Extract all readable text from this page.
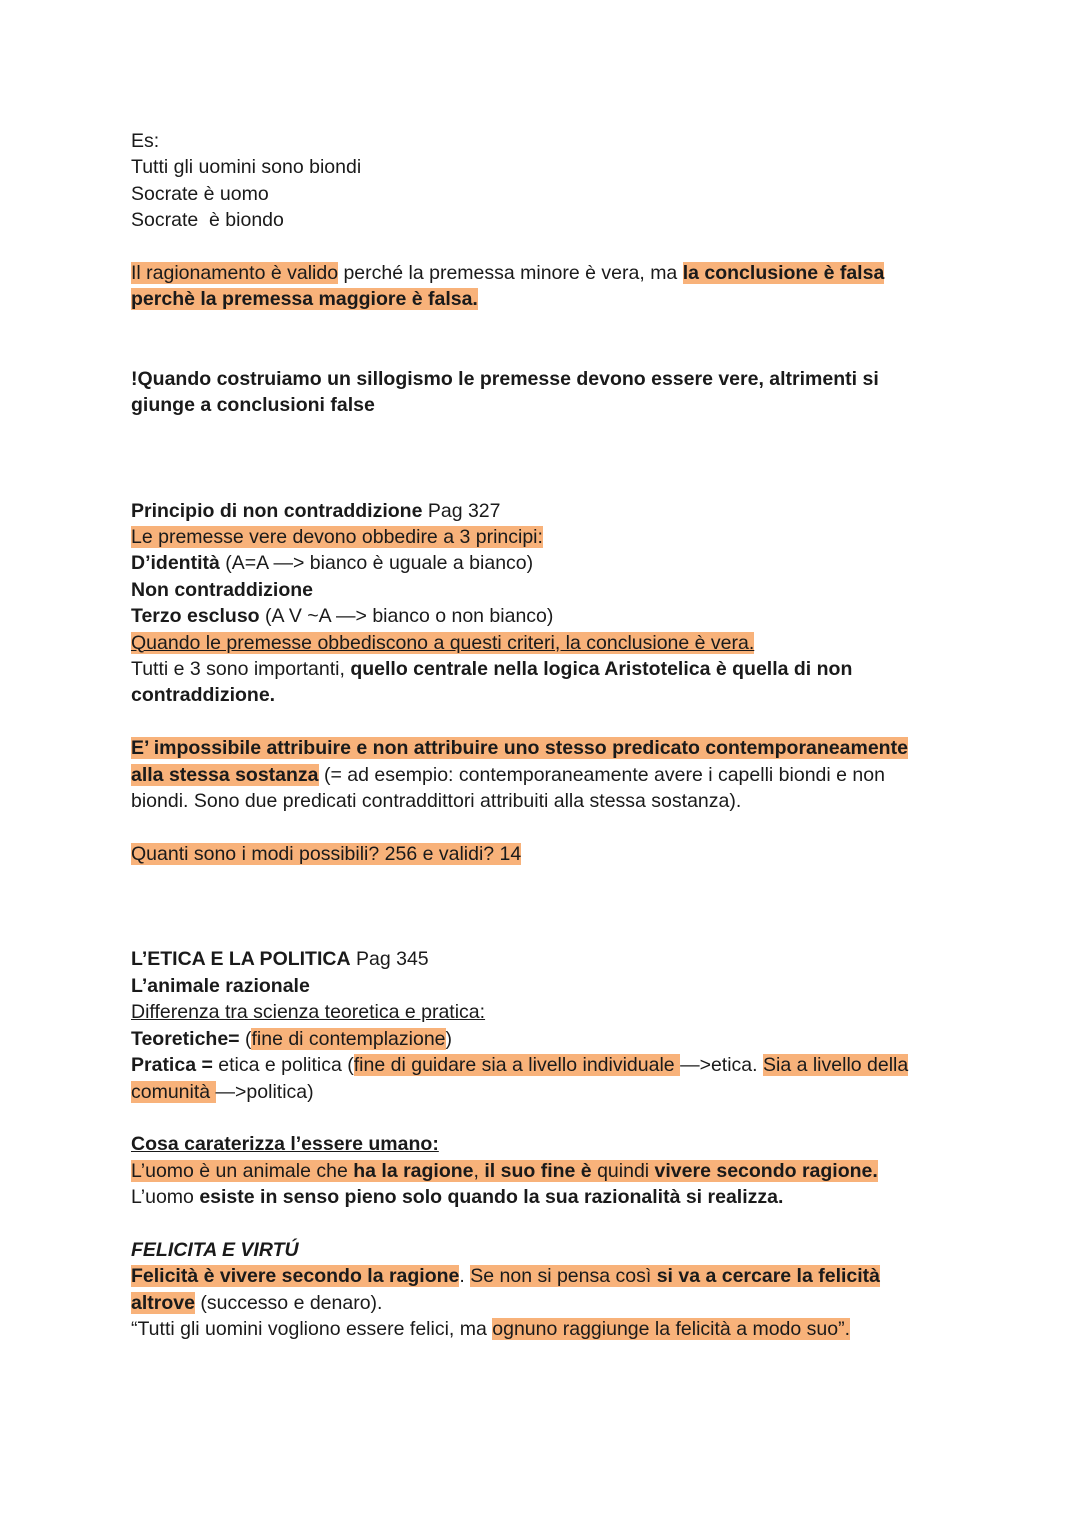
Es:
Tutti gli uomini sono biondi
Socrate è uomo
Socrate  è biondo
Il ragionamento è valido perché la premessa minore è vera, ma la conclusione è falsa
perchè la premessa maggiore è falsa.
!Quando costruiamo un sillogismo le premesse devono essere vere, altrimenti si
giunge a conclusioni false
Principio di non contraddizione Pag 327
Le premesse vere devono obbedire a 3 principi:
D’identità (A=A —> bianco è uguale a bianco)
Non contraddizione
Terzo escluso (A V ~A —> bianco o non bianco)
Quando le premesse obbediscono a questi criteri, la conclusione è vera.
Tutti e 3 sono importanti, quello centrale nella logica Aristotelica è quella di non
contraddizione.
E’ impossibile attribuire e non attribuire uno stesso predicato contemporaneamente
alla stessa sostanza (= ad esempio: contemporaneamente avere i capelli biondi e non
biondi. Sono due predicati contraddittori attribuiti alla stessa sostanza).
Quanti sono i modi possibili? 256 e validi? 14
L’ETICA E LA POLITICA Pag 345
L’animale razionale
Differenza tra scienza teoretica e pratica:
Teoretiche= (fine di contemplazione)
Pratica = etica e politica (fine di guidare sia a livello individuale —>etica. Sia a livello della
comunità —>politica)
Cosa caraterizza l’essere umano:
L’uomo è un animale che ha la ragione, il suo fine è quindi vivere secondo ragione.
L’uomo esiste in senso pieno solo quando la sua razionalità si realizza.
FELICITA E VIRTÚ
Felicità è vivere secondo la ragione. Se non si pensa così si va a cercare la felicità
altrove (successo e denaro).
“Tutti gli uomini vogliono essere felici, ma ognuno raggiunge la felicità a modo suo”.
